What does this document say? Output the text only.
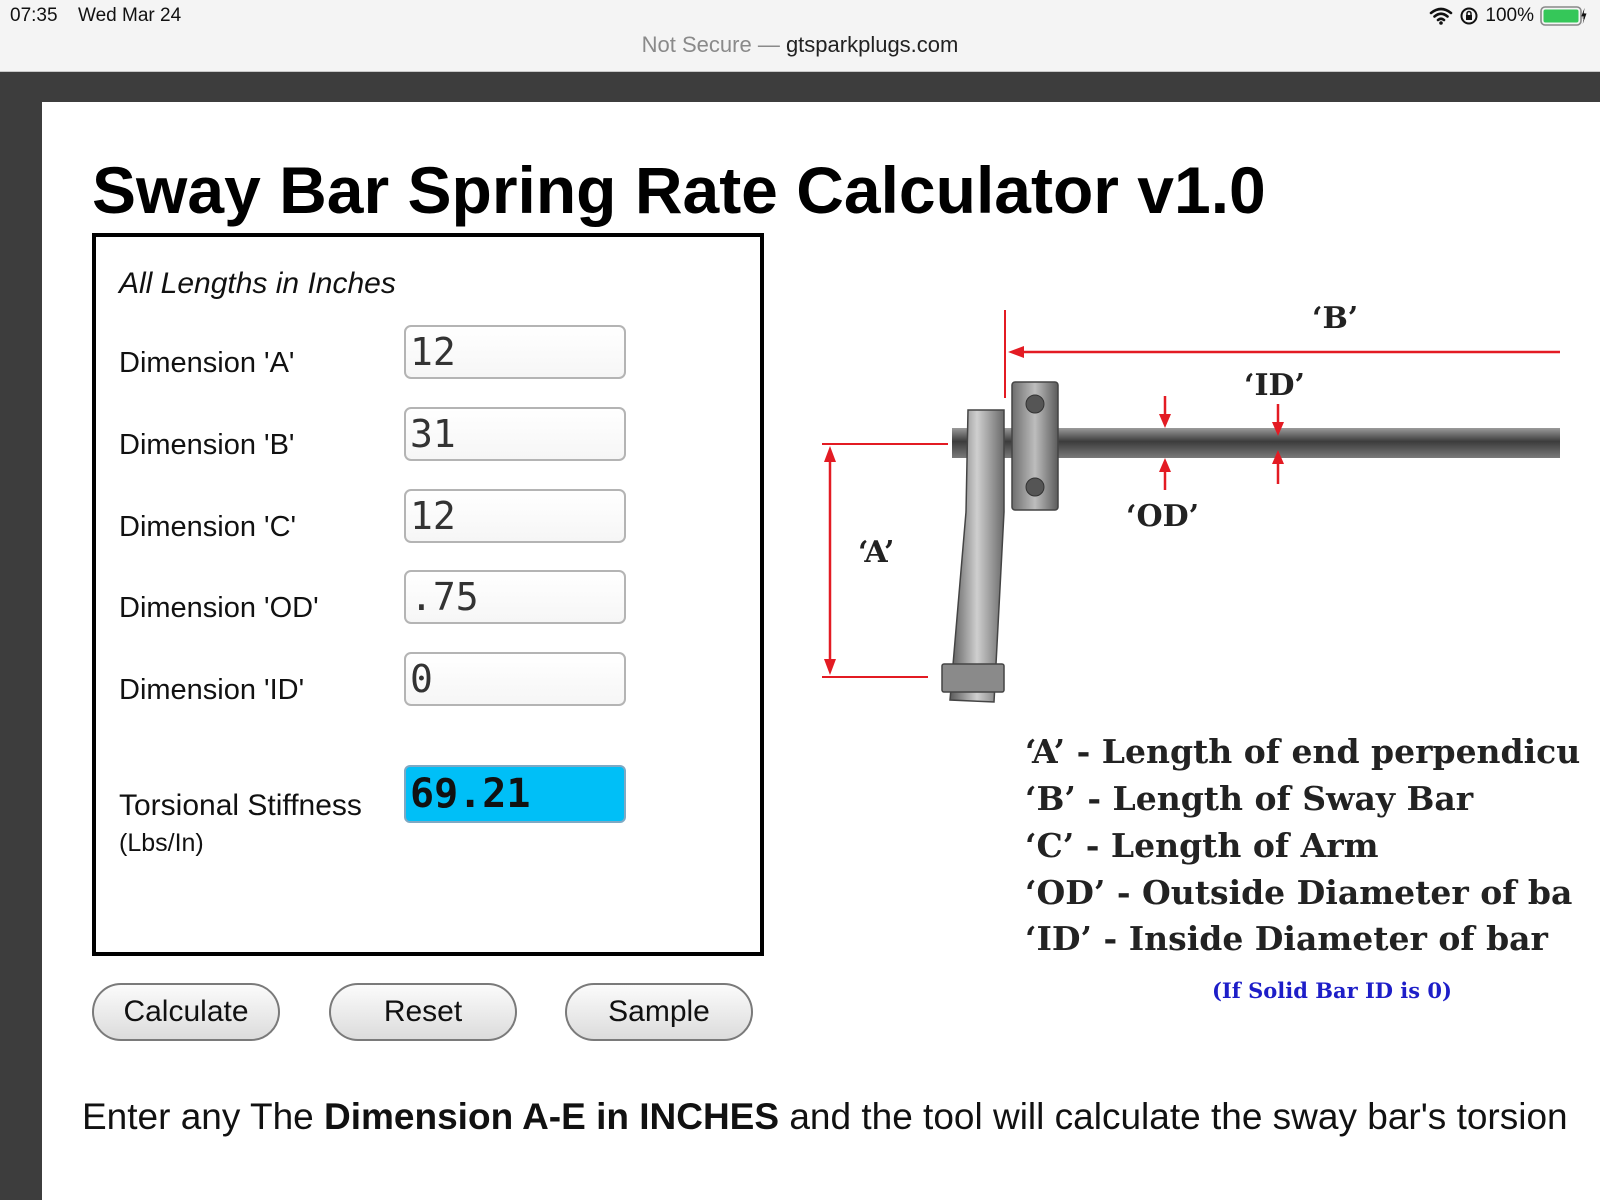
07:35 Wed Mar 24	100%
Not Secure — gtsparkplugs.com
Sway Bar Spring Rate Calculator v1.0
All Lengths in Inches
Dimension 'A'
12
Dimension 'B'
31
Dimension 'C'
12
Dimension 'OD'
.75
Dimension 'ID'
0
Torsional Stiffness
(Lbs/In)
69.21
Calculate	Reset	Sample
‘B’
‘ID’
‘OD’
‘A’
‘A’ - Length of end perpendicu
‘B’ - Length of Sway Bar
‘C’ - Length of Arm
‘OD’ - Outside Diameter of ba
‘ID’ - Inside Diameter of bar
(If Solid Bar ID is 0)
Enter any The Dimension A-E in INCHES and the tool will calculate the sway bar's torsion
